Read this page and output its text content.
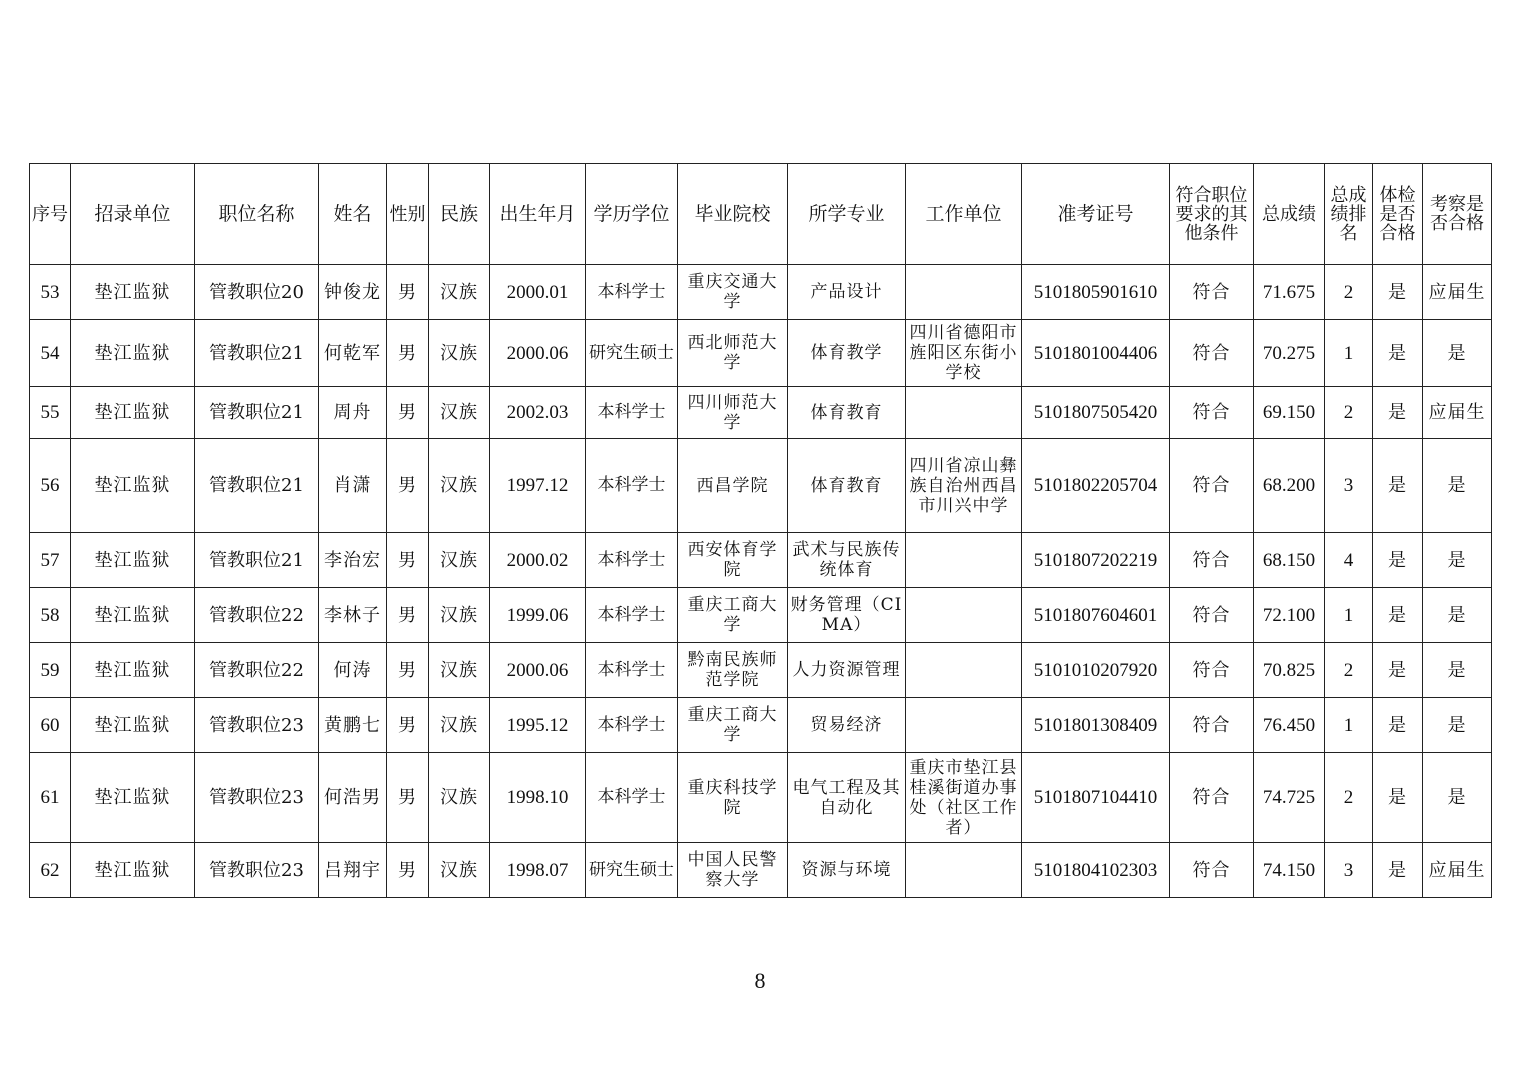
序号	招录单位	职位名称	姓名	性别	民族	出生年月	学历学位	毕业院校	所学专业	工作单位	准考证号	符合职位要求的其他条件	总成绩	总成绩排名	体检是否合格	考察是否合格
53	垫江监狱	管教职位20	钟俊龙	男	汉族	2000.01	本科学士	重庆交通大学	产品设计		5101805901610	符合	71.675	2	是	应届生
54	垫江监狱	管教职位21	何乾军	男	汉族	2000.06	研究生硕士	西北师范大学	体育教学	四川省德阳市旌阳区东街小学校	5101801004406	符合	70.275	1	是	是
55	垫江监狱	管教职位21	周舟	男	汉族	2002.03	本科学士	四川师范大学	体育教育		5101807505420	符合	69.150	2	是	应届生
56	垫江监狱	管教职位21	肖潇	男	汉族	1997.12	本科学士	西昌学院	体育教育	四川省凉山彝族自治州西昌市川兴中学	5101802205704	符合	68.200	3	是	是
57	垫江监狱	管教职位21	李治宏	男	汉族	2000.02	本科学士	西安体育学院	武术与民族传统体育		5101807202219	符合	68.150	4	是	是
58	垫江监狱	管教职位22	李林子	男	汉族	1999.06	本科学士	重庆工商大学	财务管理（CIMA）		5101807604601	符合	72.100	1	是	是
59	垫江监狱	管教职位22	何涛	男	汉族	2000.06	本科学士	黔南民族师范学院	人力资源管理		5101010207920	符合	70.825	2	是	是
60	垫江监狱	管教职位23	黄鹏七	男	汉族	1995.12	本科学士	重庆工商大学	贸易经济		5101801308409	符合	76.450	1	是	是
61	垫江监狱	管教职位23	何浩男	男	汉族	1998.10	本科学士	重庆科技学院	电气工程及其自动化	重庆市垫江县桂溪街道办事处（社区工作者）	5101807104410	符合	74.725	2	是	是
62	垫江监狱	管教职位23	吕翔宇	男	汉族	1998.07	研究生硕士	中国人民警察大学	资源与环境		5101804102303	符合	74.150	3	是	应届生
8
